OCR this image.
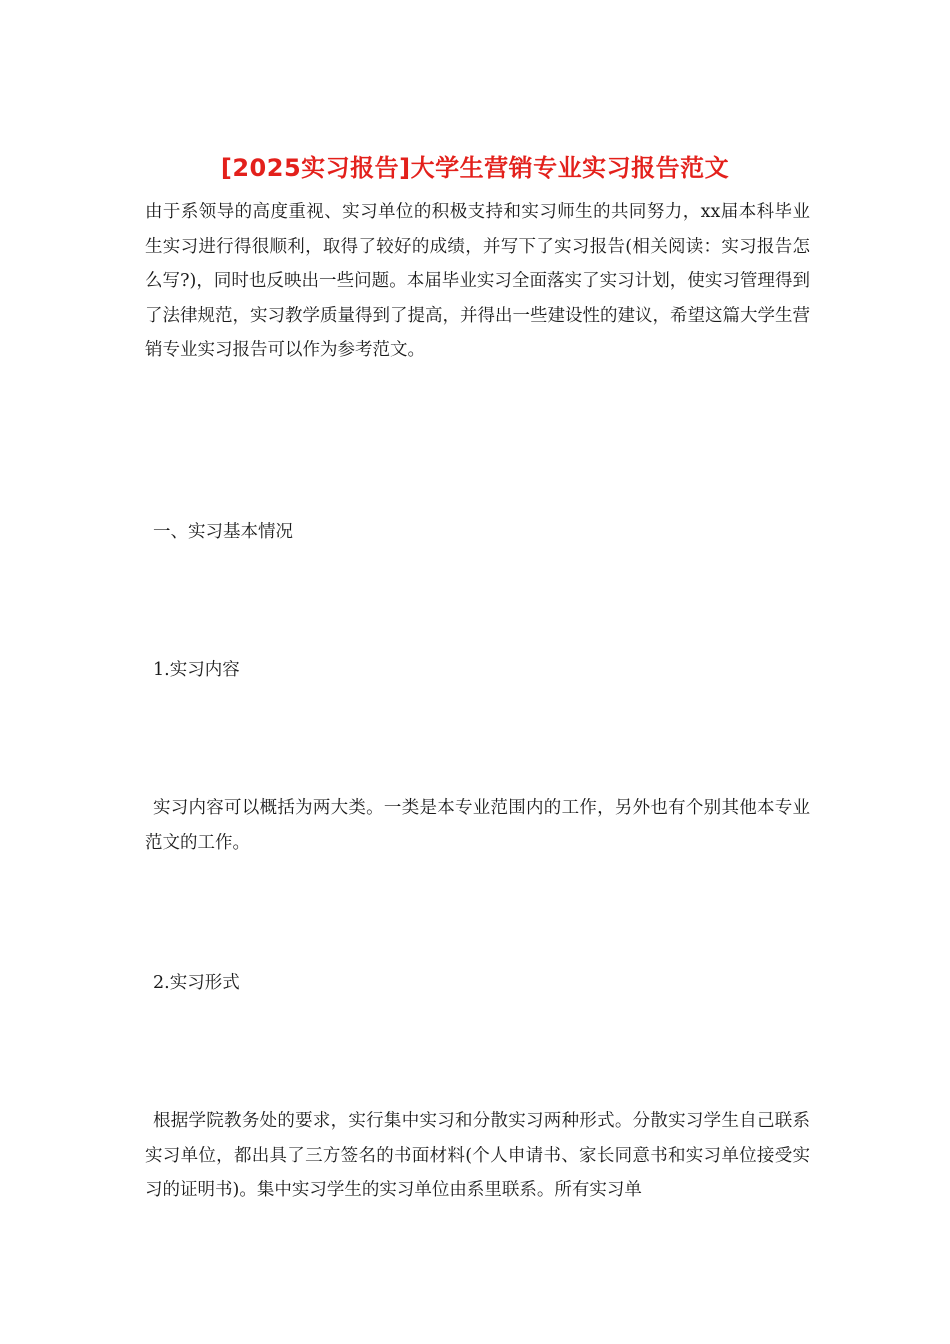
[2025实习报告]大学生营销专业实习报告范文

由于系领导的高度重视、实习单位的积极支持和实习师生的共同努力，xx届本科毕业生实习进行得很顺利，取得了较好的成绩，并写下了实习报告(相关阅读：实习报告怎么写?)，同时也反映出一些问题。本届毕业实习全面落实了实习计划，使实习管理得到了法律规范，实习教学质量得到了提高，并得出一些建设性的建议，希望这篇大学生营销专业实习报告可以作为参考范文。

一、实习基本情况
1.实习内容

实习内容可以概括为两大类。一类是本专业范围内的工作，另外也有个别其他本专业范文的工作。

2.实习形式

根据学院教务处的要求，实行集中实习和分散实习两种形式。分散实习学生自己联系实习单位，都出具了三方签名的书面材料(个人申请书、家长同意书和实习单位接受实习的证明书)。集中实习学生的实习单位由系里联系。所有实习单
